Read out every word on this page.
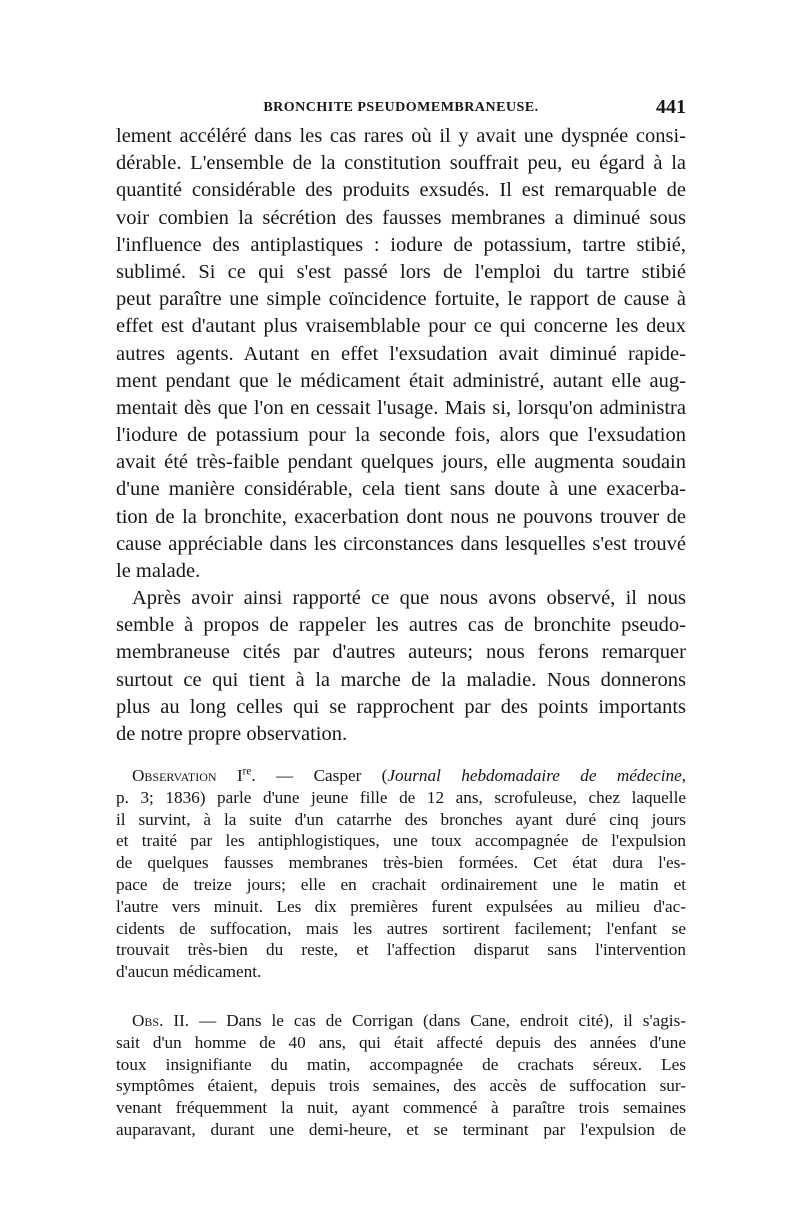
BRONCHITE PSEUDOMEMBRANEUSE.	441
lement accéléré dans les cas rares où il y avait une dyspnée consi-
dérable. L'ensemble de la constitution souffrait peu, eu égard à la
quantité considérable des produits exsudés. Il est remarquable de
voir combien la sécrétion des fausses membranes a diminué sous
l'influence des antiplastiques : iodure de potassium, tartre stibié,
sublimé. Si ce qui s'est passé lors de l'emploi du tartre stibié
peut paraître une simple coïncidence fortuite, le rapport de cause à
effet est d'autant plus vraisemblable pour ce qui concerne les deux
autres agents. Autant en effet l'exsudation avait diminué rapide-
ment pendant que le médicament était administré, autant elle aug-
mentait dès que l'on en cessait l'usage. Mais si, lorsqu'on administra
l'iodure de potassium pour la seconde fois, alors que l'exsudation
avait été très-faible pendant quelques jours, elle augmenta soudain
d'une manière considérable, cela tient sans doute à une exacerba-
tion de la bronchite, exacerbation dont nous ne pouvons trouver de
cause appréciable dans les circonstances dans lesquelles s'est trouvé
le malade.
Après avoir ainsi rapporté ce que nous avons observé, il nous
semble à propos de rappeler les autres cas de bronchite pseudo-
membraneuse cités par d'autres auteurs; nous ferons remarquer
surtout ce qui tient à la marche de la maladie. Nous donnerons
plus au long celles qui se rapprochent par des points importants
de notre propre observation.
Observation Ire. — Casper (Journal hebdomadaire de médecine,
p. 3; 1836) parle d'une jeune fille de 12 ans, scrofuleuse, chez laquelle
il survint, à la suite d'un catarrhe des bronches ayant duré cinq jours
et traité par les antiphlogistiques, une toux accompagnée de l'expulsion
de quelques fausses membranes très-bien formées. Cet état dura l'es-
pace de treize jours; elle en crachait ordinairement une le matin et
l'autre vers minuit. Les dix premières furent expulsées au milieu d'ac-
cidents de suffocation, mais les autres sortirent facilement; l'enfant se
trouvait très-bien du reste, et l'affection disparut sans l'intervention
d'aucun médicament.
Obs. II. — Dans le cas de Corrigan (dans Cane, endroit cité), il s'agis-
sait d'un homme de 40 ans, qui était affecté depuis des années d'une
toux insignifiante du matin, accompagnée de crachats séreux. Les
symptômes étaient, depuis trois semaines, des accès de suffocation sur-
venant fréquemment la nuit, ayant commencé à paraître trois semaines
auparavant, durant une demi-heure, et se terminant par l'expulsion de
